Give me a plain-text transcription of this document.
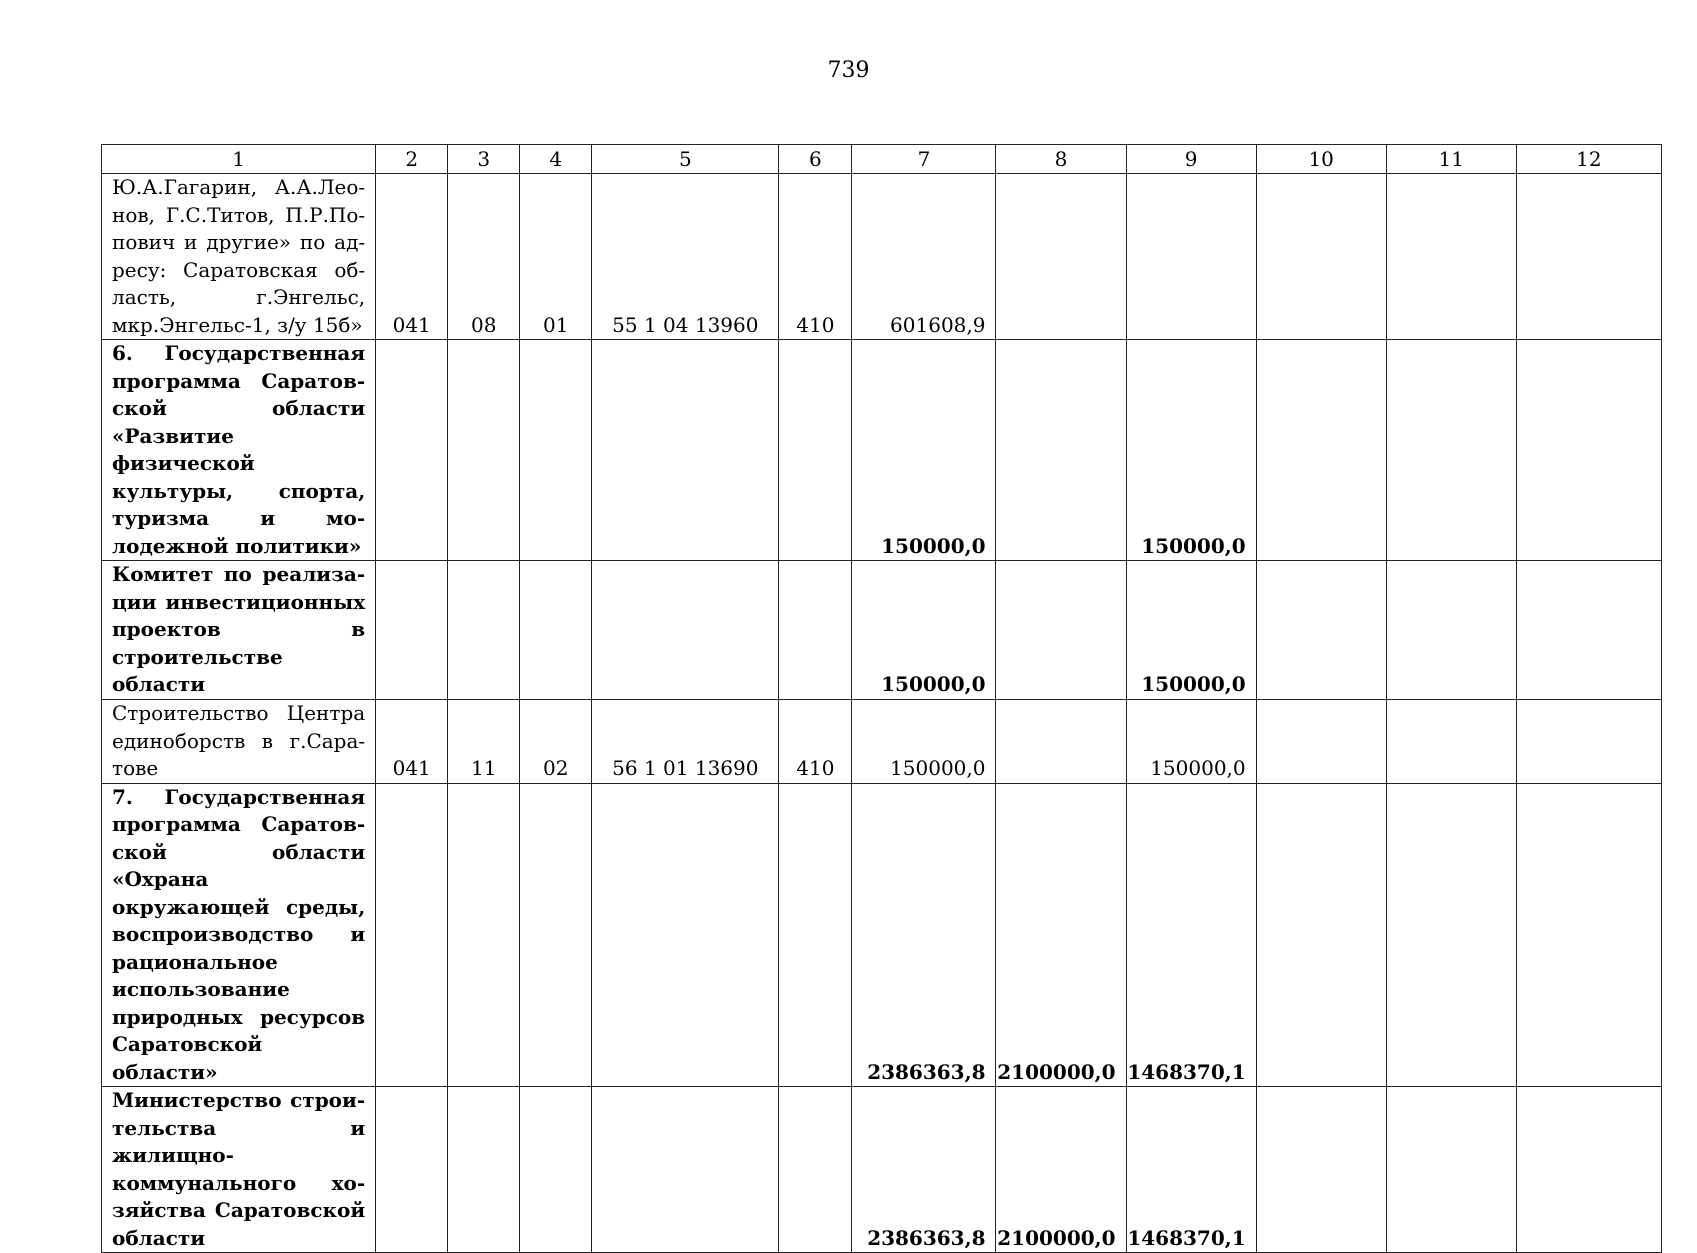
739
1	2	3	4	5	6	7	8	9	10	11	12
Ю.А.Гагарин, А.А.Леонов, Г.С.Титов, П.Р.Попович и другие» по адресу: Саратовская область, г.Энгельс, мкр.Энгельс-1, з/у 15б»	041	08	01	55 1 04 13960	410	601608,9					
6. Государственная программа Саратовской области «Развитие физической культуры, спорта, туризма и молодежной политики»						150000,0		150000,0			
Комитет по реализации инвестиционных проектов в строительстве области						150000,0		150000,0			
Строительство Центра единоборств в г.Саратове	041	11	02	56 1 01 13690	410	150000,0		150000,0			
7. Государственная программа Саратовской области «Охрана окружающей среды, воспроизводство и рациональное использование природных ресурсов Саратовской области»						2386363,8	2100000,0	1468370,1			
Министерство строительства и жилищно-коммунального хозяйства Саратовской области						2386363,8	2100000,0	1468370,1			
